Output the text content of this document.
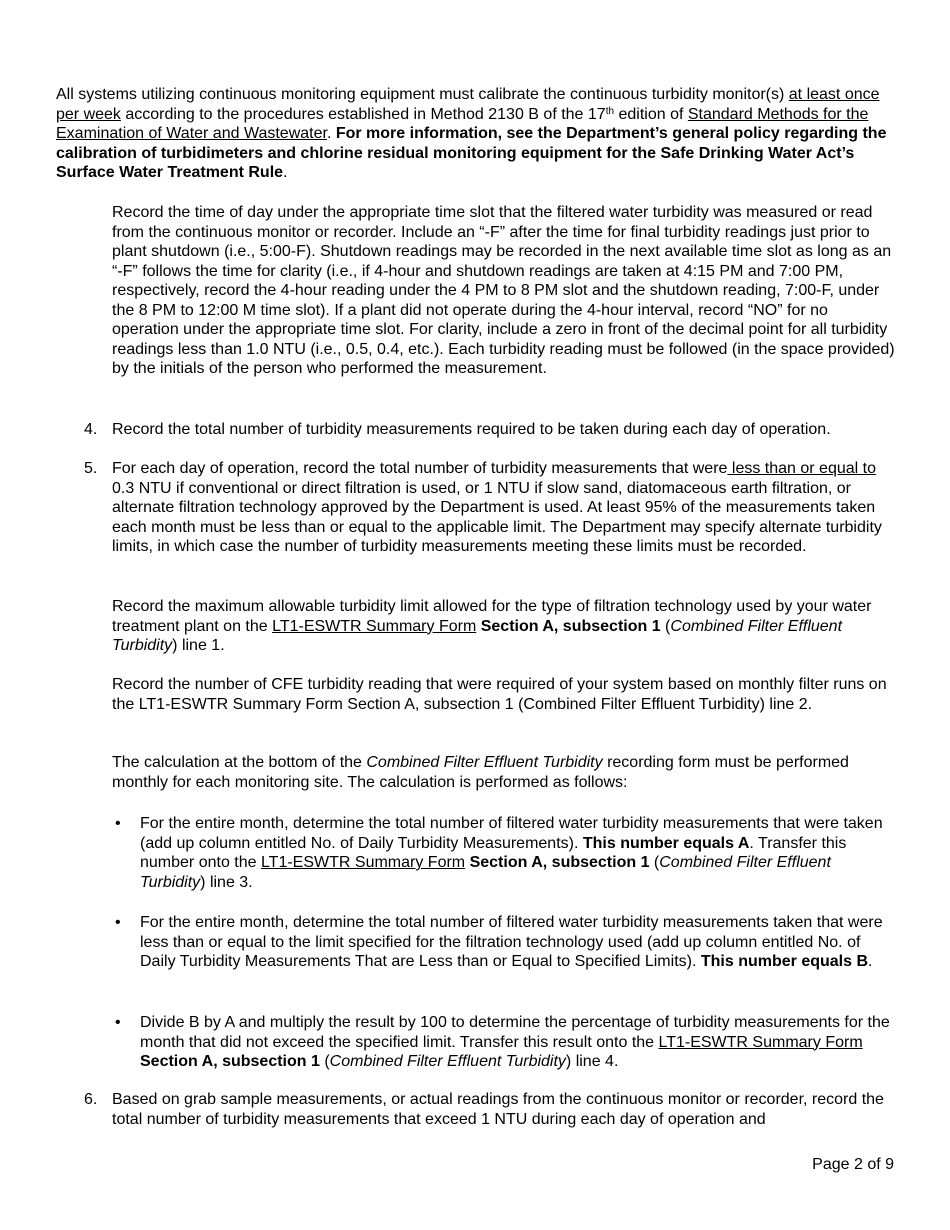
All systems utilizing continuous monitoring equipment must calibrate the continuous turbidity monitor(s) at least once per week according to the procedures established in Method 2130 B of the 17th edition of Standard Methods for the Examination of Water and Wastewater. For more information, see the Department’s general policy regarding the calibration of turbidimeters and chlorine residual monitoring equipment for the Safe Drinking Water Act’s Surface Water Treatment Rule.

Record the time of day under the appropriate time slot that the filtered water turbidity was measured or read from the continuous monitor or recorder. Include an “-F” after the time for final turbidity readings just prior to plant shutdown (i.e., 5:00-F). Shutdown readings may be recorded in the next available time slot as long as an “-F” follows the time for clarity (i.e., if 4-hour and shutdown readings are taken at 4:15 PM and 7:00 PM, respectively, record the 4-hour reading under the 4 PM to 8 PM slot and the shutdown reading, 7:00-F, under the 8 PM to 12:00 M time slot). If a plant did not operate during the 4-hour interval, record “NO” for no operation under the appropriate time slot. For clarity, include a zero in front of the decimal point for all turbidity readings less than 1.0 NTU (i.e., 0.5, 0.4, etc.). Each turbidity reading must be followed (in the space provided) by the initials of the person who performed the measurement.

4. Record the total number of turbidity measurements required to be taken during each day of operation.

5. For each day of operation, record the total number of turbidity measurements that were less than or equal to 0.3 NTU if conventional or direct filtration is used, or 1 NTU if slow sand, diatomaceous earth filtration, or alternate filtration technology approved by the Department is used. At least 95% of the measurements taken each month must be less than or equal to the applicable limit. The Department may specify alternate turbidity limits, in which case the number of turbidity measurements meeting these limits must be recorded.

Record the maximum allowable turbidity limit allowed for the type of filtration technology used by your water treatment plant on the LT1-ESWTR Summary Form Section A, subsection 1 (Combined Filter Effluent Turbidity) line 1.

Record the number of CFE turbidity reading that were required of your system based on monthly filter runs on the LT1-ESWTR Summary Form Section A, subsection 1 (Combined Filter Effluent Turbidity) line 2.

The calculation at the bottom of the Combined Filter Effluent Turbidity recording form must be performed monthly for each monitoring site. The calculation is performed as follows:

• For the entire month, determine the total number of filtered water turbidity measurements that were taken (add up column entitled No. of Daily Turbidity Measurements). This number equals A. Transfer this number onto the LT1-ESWTR Summary Form Section A, subsection 1 (Combined Filter Effluent Turbidity) line 3.

• For the entire month, determine the total number of filtered water turbidity measurements taken that were less than or equal to the limit specified for the filtration technology used (add up column entitled No. of Daily Turbidity Measurements That are Less than or Equal to Specified Limits). This number equals B.

• Divide B by A and multiply the result by 100 to determine the percentage of turbidity measurements for the month that did not exceed the specified limit. Transfer this result onto the LT1-ESWTR Summary Form Section A, subsection 1 (Combined Filter Effluent Turbidity) line 4.

6. Based on grab sample measurements, or actual readings from the continuous monitor or recorder, record the total number of turbidity measurements that exceed 1 NTU during each day of operation and

Page 2 of 9
